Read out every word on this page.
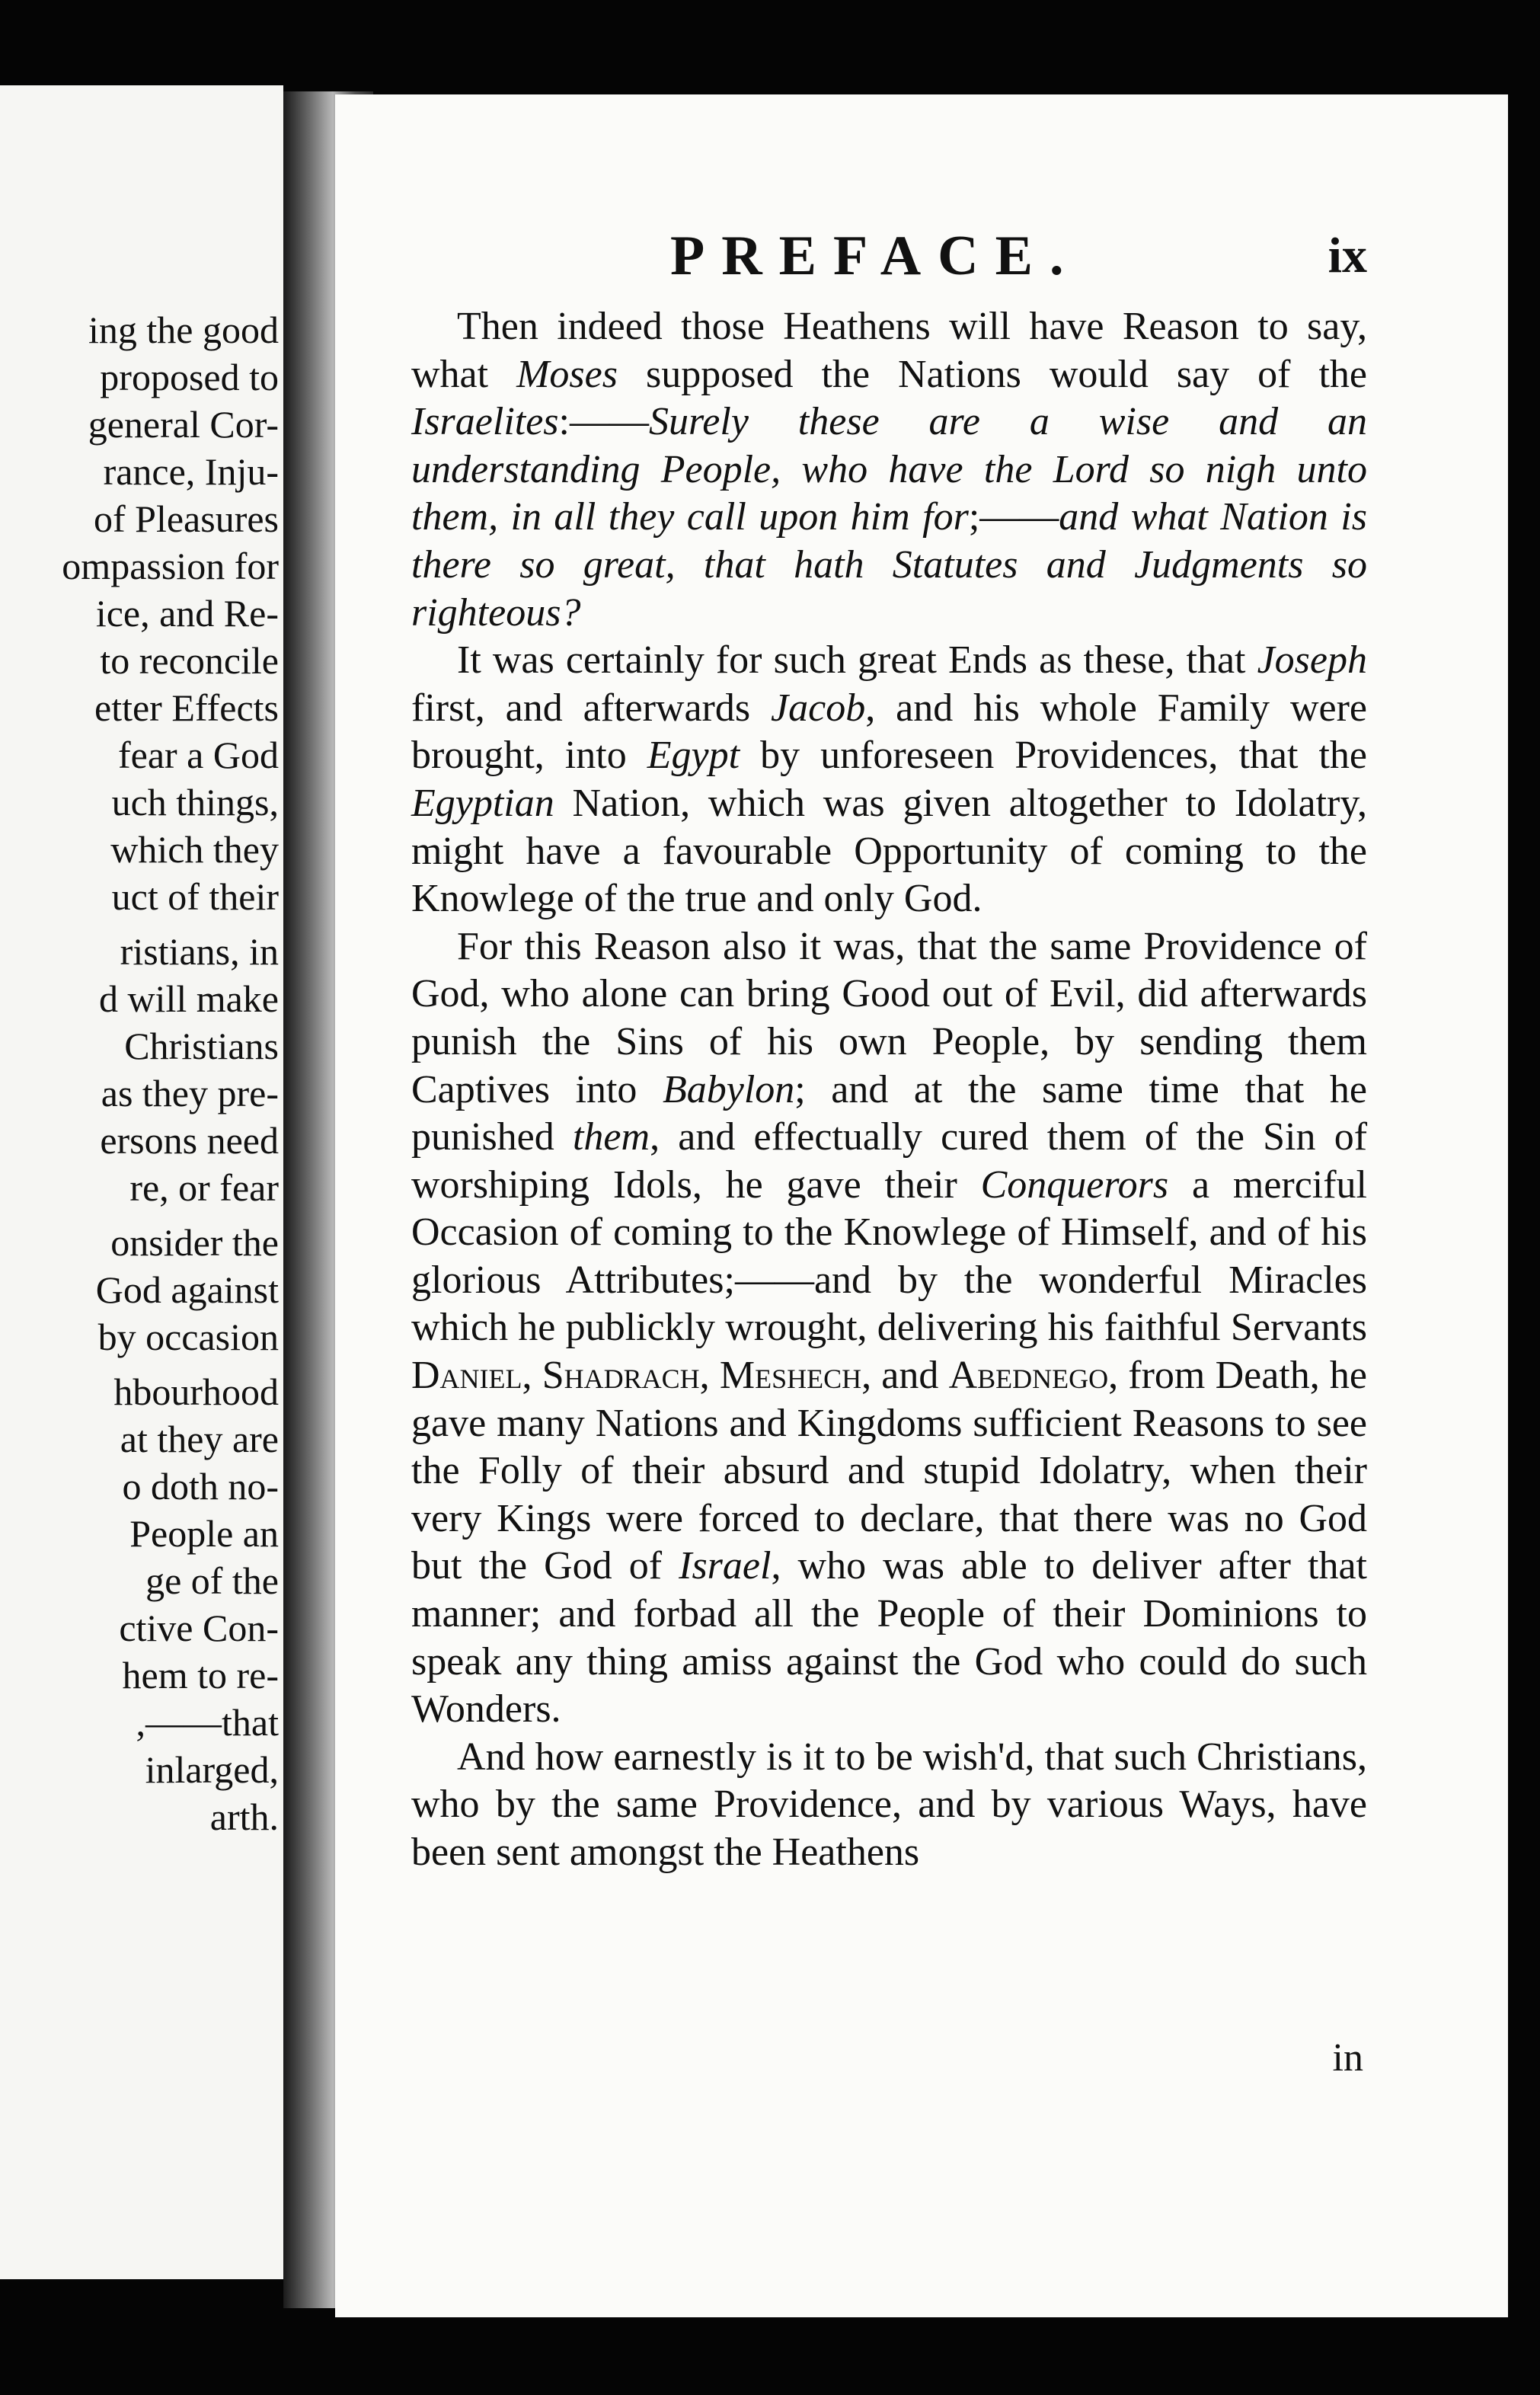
ing the good

proposed to

general Cor-

rance, Inju-

of Pleasures

ompassion for

ice, and Re-

to reconcile

etter Effects

fear a God

uch things,

which they

uct of their

ristians, in

d will make

Christians

as they pre-

ersons need

re, or fear

onsider the

God against

by occasion

hbourhood

at they are

o doth no-

People an

ge of the

ctive Con-

hem to re-

,——that

inlarged,

arth.

PREFACE.	ix

Then indeed those Heathens will have Reason to say, what Moses supposed the Nations would say of the Israelites:——Surely these are a wise and an understanding People, who have the Lord so nigh unto them, in all they call upon him for;——and what Nation is there so great, that hath Statutes and Judgments so righteous?

It was certainly for such great Ends as these, that Joseph first, and afterwards Jacob, and his whole Family were brought, into Egypt by unforeseen Providences, that the Egyptian Nation, which was given altogether to Idolatry, might have a favourable Opportunity of coming to the Knowlege of the true and only God.

For this Reason also it was, that the same Providence of God, who alone can bring Good out of Evil, did afterwards punish the Sins of his own People, by sending them Captives into Babylon; and at the same time that he punished them, and effectually cured them of the Sin of worshiping Idols, he gave their Conquerors a merciful Occasion of coming to the Knowlege of Himself, and of his glorious Attributes;——and by the wonderful Miracles which he publickly wrought, delivering his faithful Servants Daniel, Shadrach, Meshech, and Abednego, from Death, he gave many Nations and Kingdoms sufficient Reasons to see the Folly of their absurd and stupid Idolatry, when their very Kings were forced to declare, that there was no God but the God of Israel, who was able to deliver after that manner; and forbad all the People of their Dominions to speak any thing amiss against the God who could do such Wonders.

And how earnestly is it to be wish'd, that such Christians, who by the same Providence, and by various Ways, have been sent amongst the Heathens

in
